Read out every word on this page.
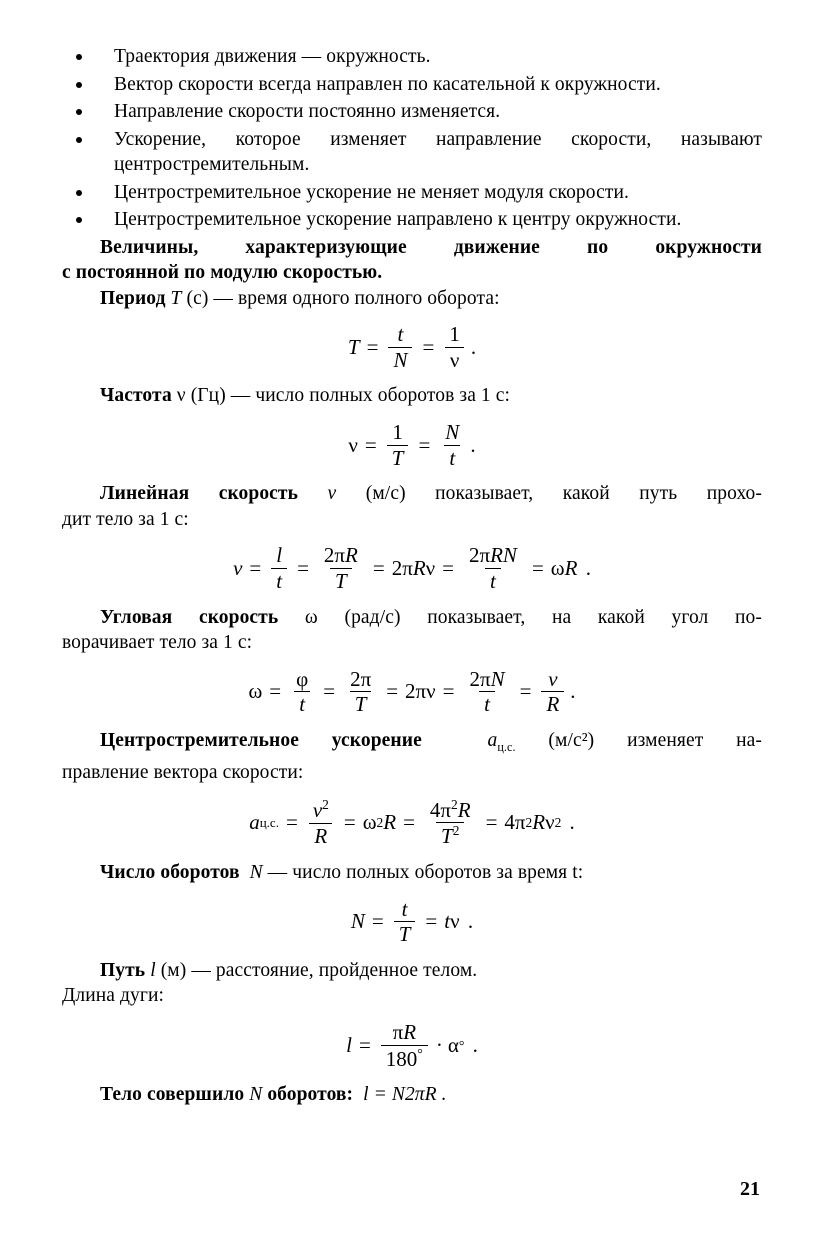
Траектория движения — окружность.
Вектор скорости всегда направлен по касательной к окружности.
Направление скорости постоянно изменяется.
Ускорение, которое изменяет направление скорости, называют центростремительным.
Центростремительное ускорение не меняет модуля скорости.
Центростремительное ускорение направлено к центру окружности.

Величины, характеризующие движение по окружности

с постоянной по модулю скоростью.

Период T (с) — время одного полного оборота:

$T = \frac{t}{N} = \frac{1}{\nu}$ .

Частота ν (Гц) — число полных оборотов за 1 с:

$\nu = \frac{1}{T} = \frac{N}{t}$ .

Линейная скорость v (м/с) показывает, какой путь прохо-

дит тело за 1 с:

$v = \frac{l}{t} = \frac{2\pi R}{T} = 2\pi$ R $\nu = \frac{\text{2πRN}}{t} = \omega$ R .

Угловая скорость ω (рад/с) показывает, на какой угол по-

ворачивает тело за 1 с:

$\omega = \frac{\varphi}{t} = \frac{2\pi}{T} = 2\pi\nu = \frac{2\pi N}{t} = \frac{v}{R}$ .

Центростремительное ускорение	$a_{ц.с.}$ (м/с²) изменяет на-

правление вектора скорости:

a ц.с. = $\frac{v^2}{R} = \omega$ 2 $R = \frac{4\pi^2R}{T^2} = 4\pi$ 2 R ν 2 .

Число оборотов N — число полных оборотов за время t:

$N = \frac{t}{T} = t$ ν .

Путь l (м) — расстояние, пройденное телом.

Длина дуги:

$l = \frac{\pi R}{180^\circ} \cdot \alpha$ ° .

Тело совершило N оборотов: l = N2πR .

21
